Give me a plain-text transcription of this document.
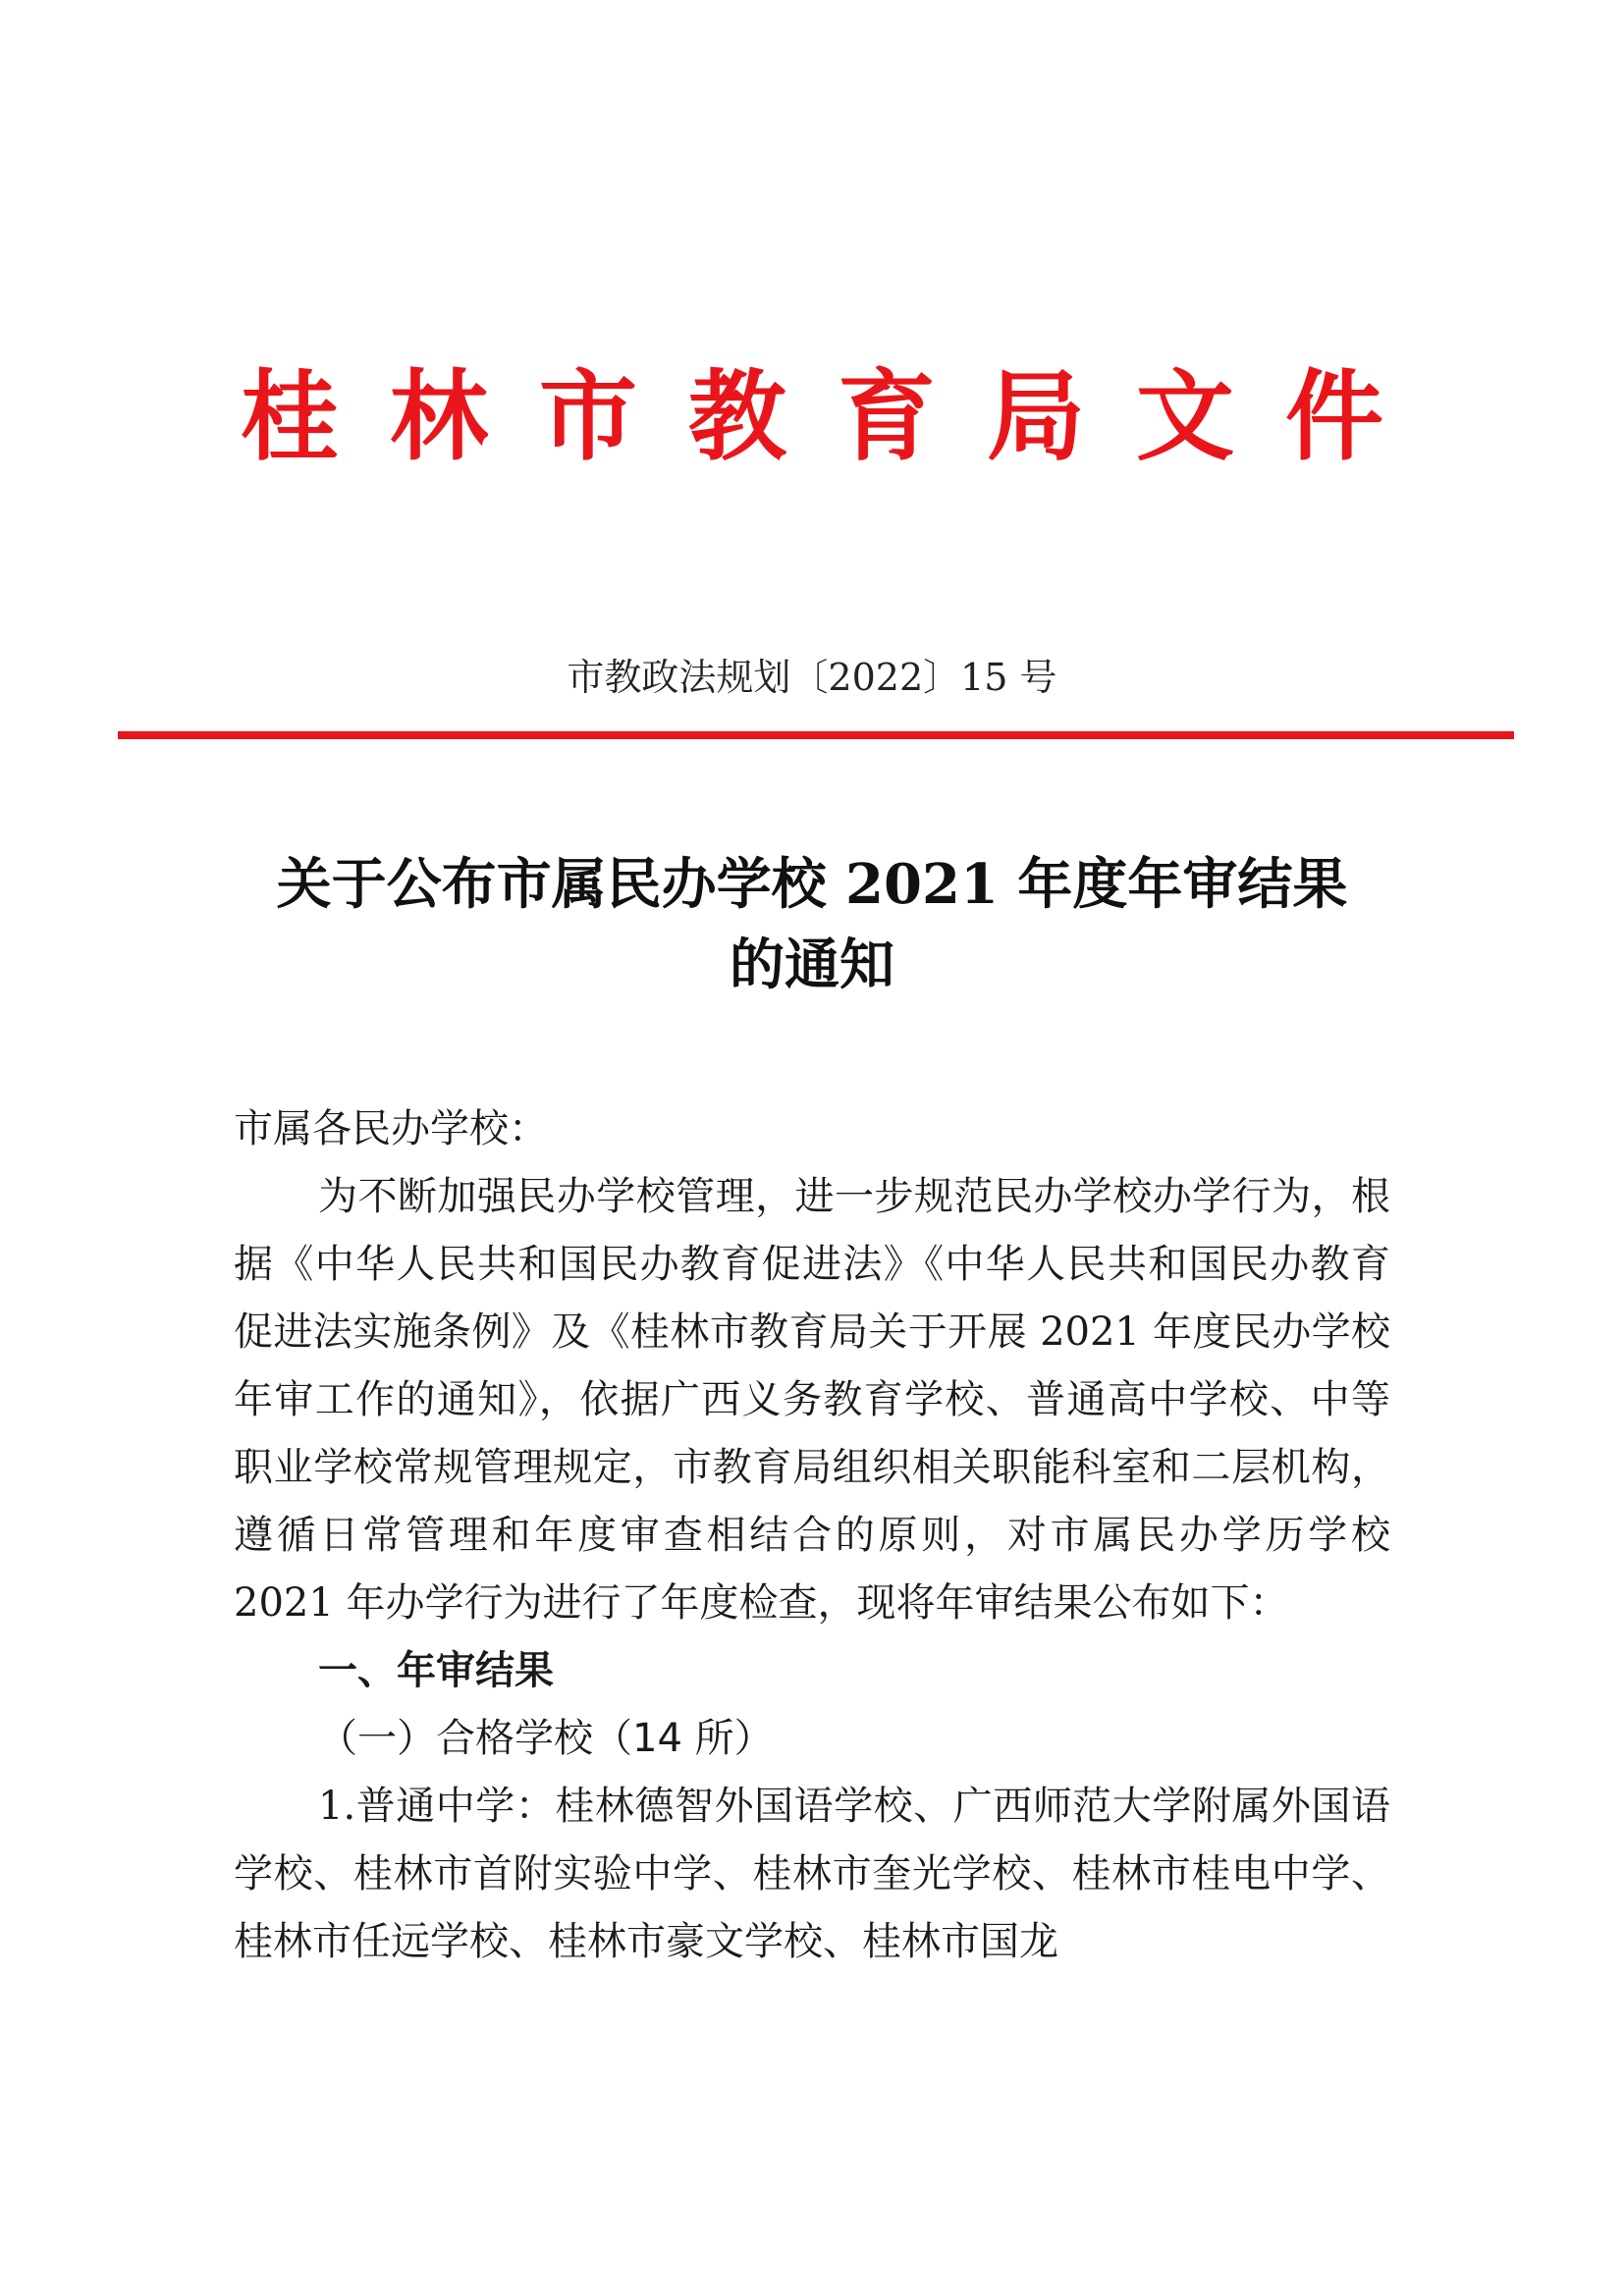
桂林市教育局文件
市教政法规划〔2022〕15 号
关于公布市属民办学校 2021 年度年审结果
的通知

市属各民办学校：

为不断加强民办学校管理，进一步规范民办学校办学行为，根据《中华人民共和国民办教育促进法》《中华人民共和国民办教育促进法实施条例》及《桂林市教育局关于开展 2021 年度民办学校年审工作的通知》，依据广西义务教育学校、普通高中学校、中等职业学校常规管理规定，市教育局组织相关职能科室和二层机构，遵循日常管理和年度审查相结合的原则，对市属民办学历学校 2021 年办学行为进行了年度检查，现将年审结果公布如下：

一、年审结果

（一）合格学校（14 所）

1.普通中学：桂林德智外国语学校、广西师范大学附属外国语学校、桂林市首附实验中学、桂林市奎光学校、桂林市桂电中学、桂林市任远学校、桂林市豪文学校、桂林市国龙
